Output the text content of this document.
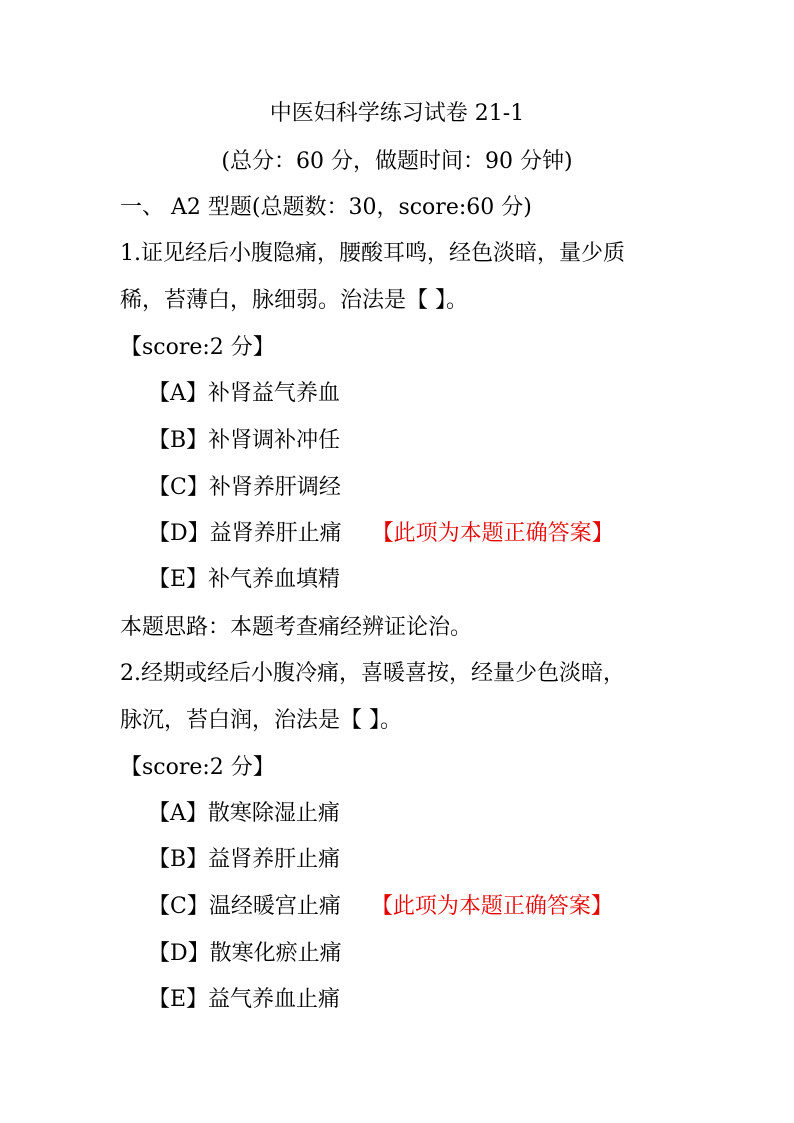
中医妇科学练习试卷 21-1
(总分：60 分，做题时间：90 分钟)
一、 A2 型题(总题数：30，score:60 分)
1.证见经后小腹隐痛，腰酸耳鸣，经色淡暗，量少质
稀，苔薄白，脉细弱。治法是【 】。
【score:2 分】
【A】补肾益气养血
【B】补肾调补冲任
【C】补肾养肝调经
【D】益肾养肝止痛 【此项为本题正确答案】
【E】补气养血填精
本题思路：本题考查痛经辨证论治。
2.经期或经后小腹冷痛，喜暖喜按，经量少色淡暗，
脉沉，苔白润，治法是【 】。
【score:2 分】
【A】散寒除湿止痛
【B】益肾养肝止痛
【C】温经暖宫止痛 【此项为本题正确答案】
【D】散寒化瘀止痛
【E】益气养血止痛
